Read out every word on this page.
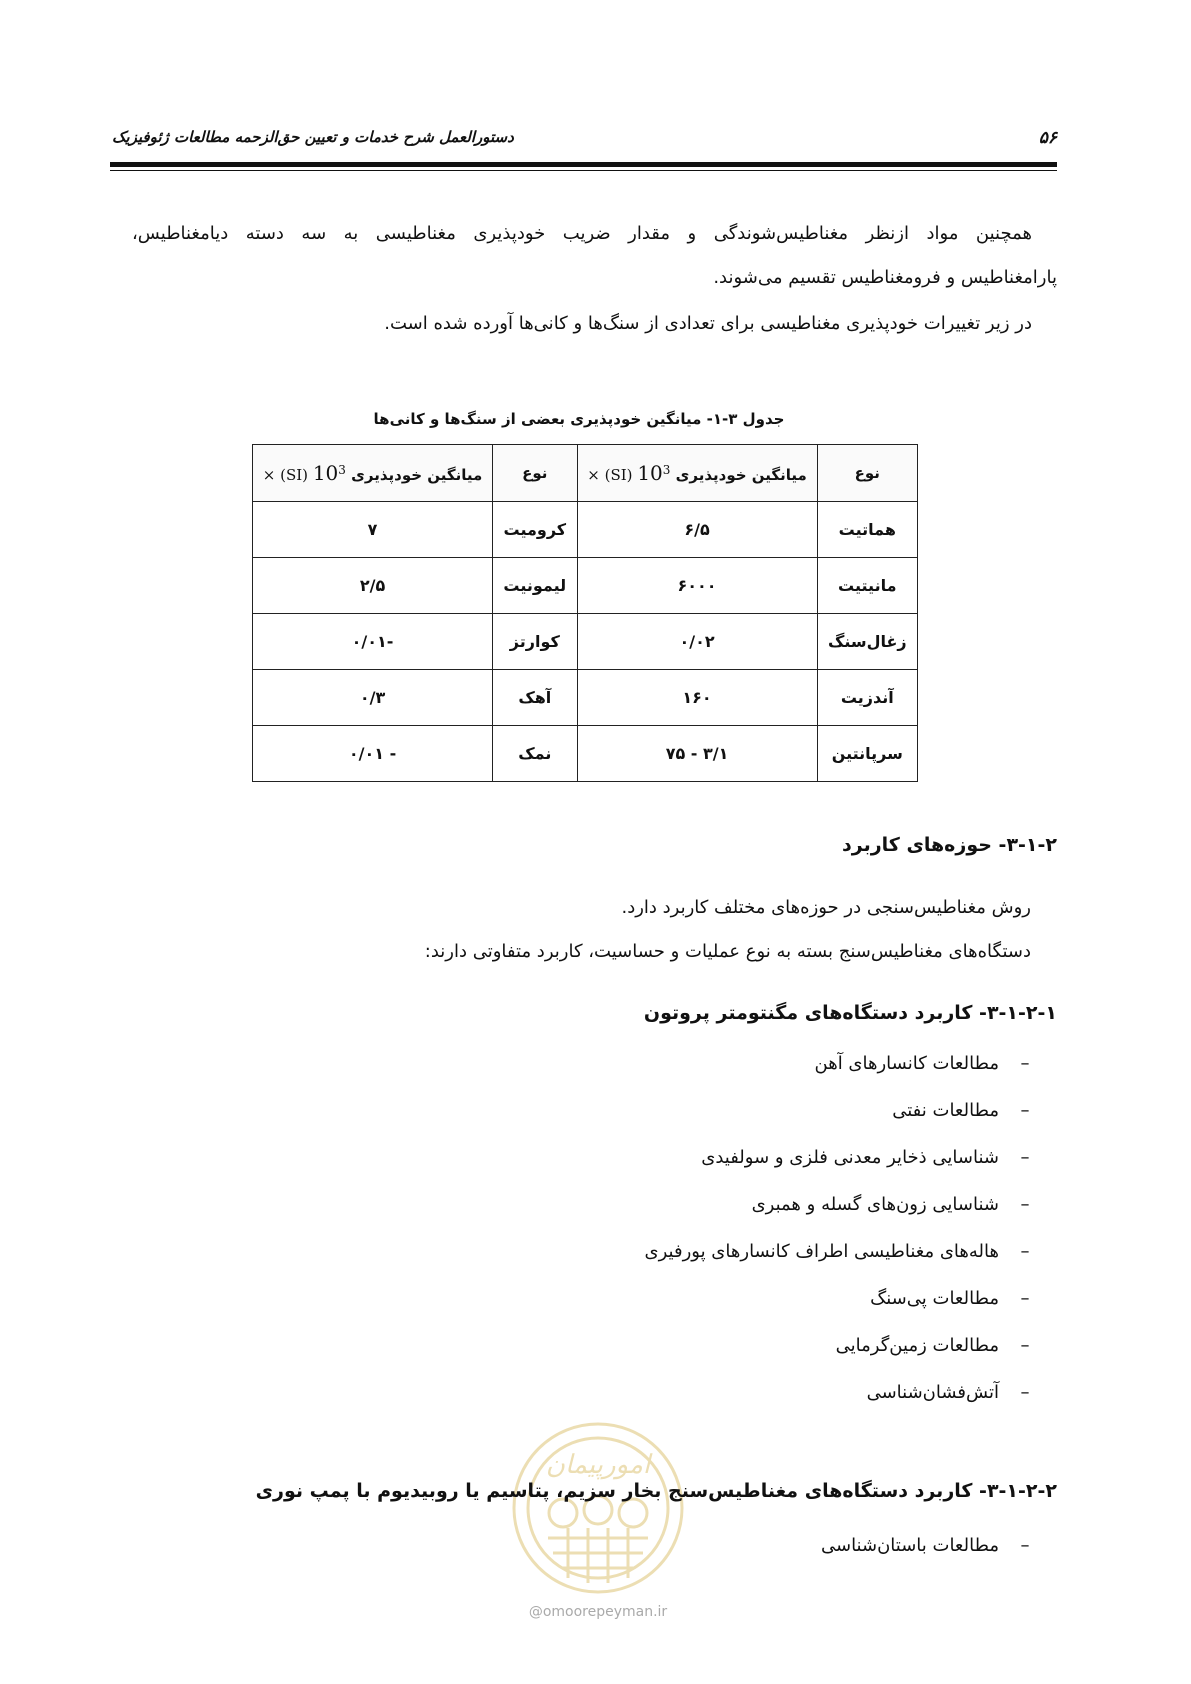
دستورالعمل شرح خدمات و تعیین حق‌الزحمه مطالعات ژئوفیزیک	۵۶
همچنین مواد ازنظر مغناطیس‌شوندگی و مقدار ضریب خودپذیری مغناطیسی به سه دسته دیامغناطیس،
پارامغناطیس و فرومغناطیس تقسیم می‌شوند.
در زیر تغییرات خودپذیری مغناطیسی برای تعدادی از سنگ‌ها و کانی‌ها آورده شده است.
جدول ۳-۱- میانگین خودپذیری بعضی از سنگ‌ها و کانی‌ها
نوع	میانگین خودپذیری $10^3$ (SI) ×	نوع	میانگین خودپذیری $10^3$ (SI) ×
هماتیت	۶/۵	کرومیت	۷
مانیتیت	۶۰۰۰	لیمونیت	۲/۵
زغال‌سنگ	۰/۰۲	کوارتز	-۰/۰۱
آندزیت	۱۶۰	آهک	۰/۳
سرپانتین	۳/۱ - ۷۵	نمک	- ۰/۰۱
۳-۱-۲- حوزه‌های کاربرد
روش مغناطیس‌سنجی در حوزه‌های مختلف کاربرد دارد.
دستگاه‌های مغناطیس‌سنج بسته به نوع عملیات و حساسیت، کاربرد متفاوتی دارند:
۳-۱-۲-۱- کاربرد دستگاه‌های مگنتومتر پروتون
–مطالعات کانسارهای آهن
–مطالعات نفتی
–شناسایی ذخایر معدنی فلزی و سولفیدی
–شناسایی زون‌های گسله و همبری
–هاله‌های مغناطیسی اطراف کانسارهای پورفیری
–مطالعات پی‌سنگ
–مطالعات زمین‌گرمایی
–آتش‌فشان‌شناسی
امورپیمان
@omoorepeyman.ir
۳-۱-۲-۲- کاربرد دستگاه‌های مغناطیس‌سنج بخار سزیم، پتاسیم یا روبیدیوم با پمپ نوری
–مطالعات باستان‌شناسی
